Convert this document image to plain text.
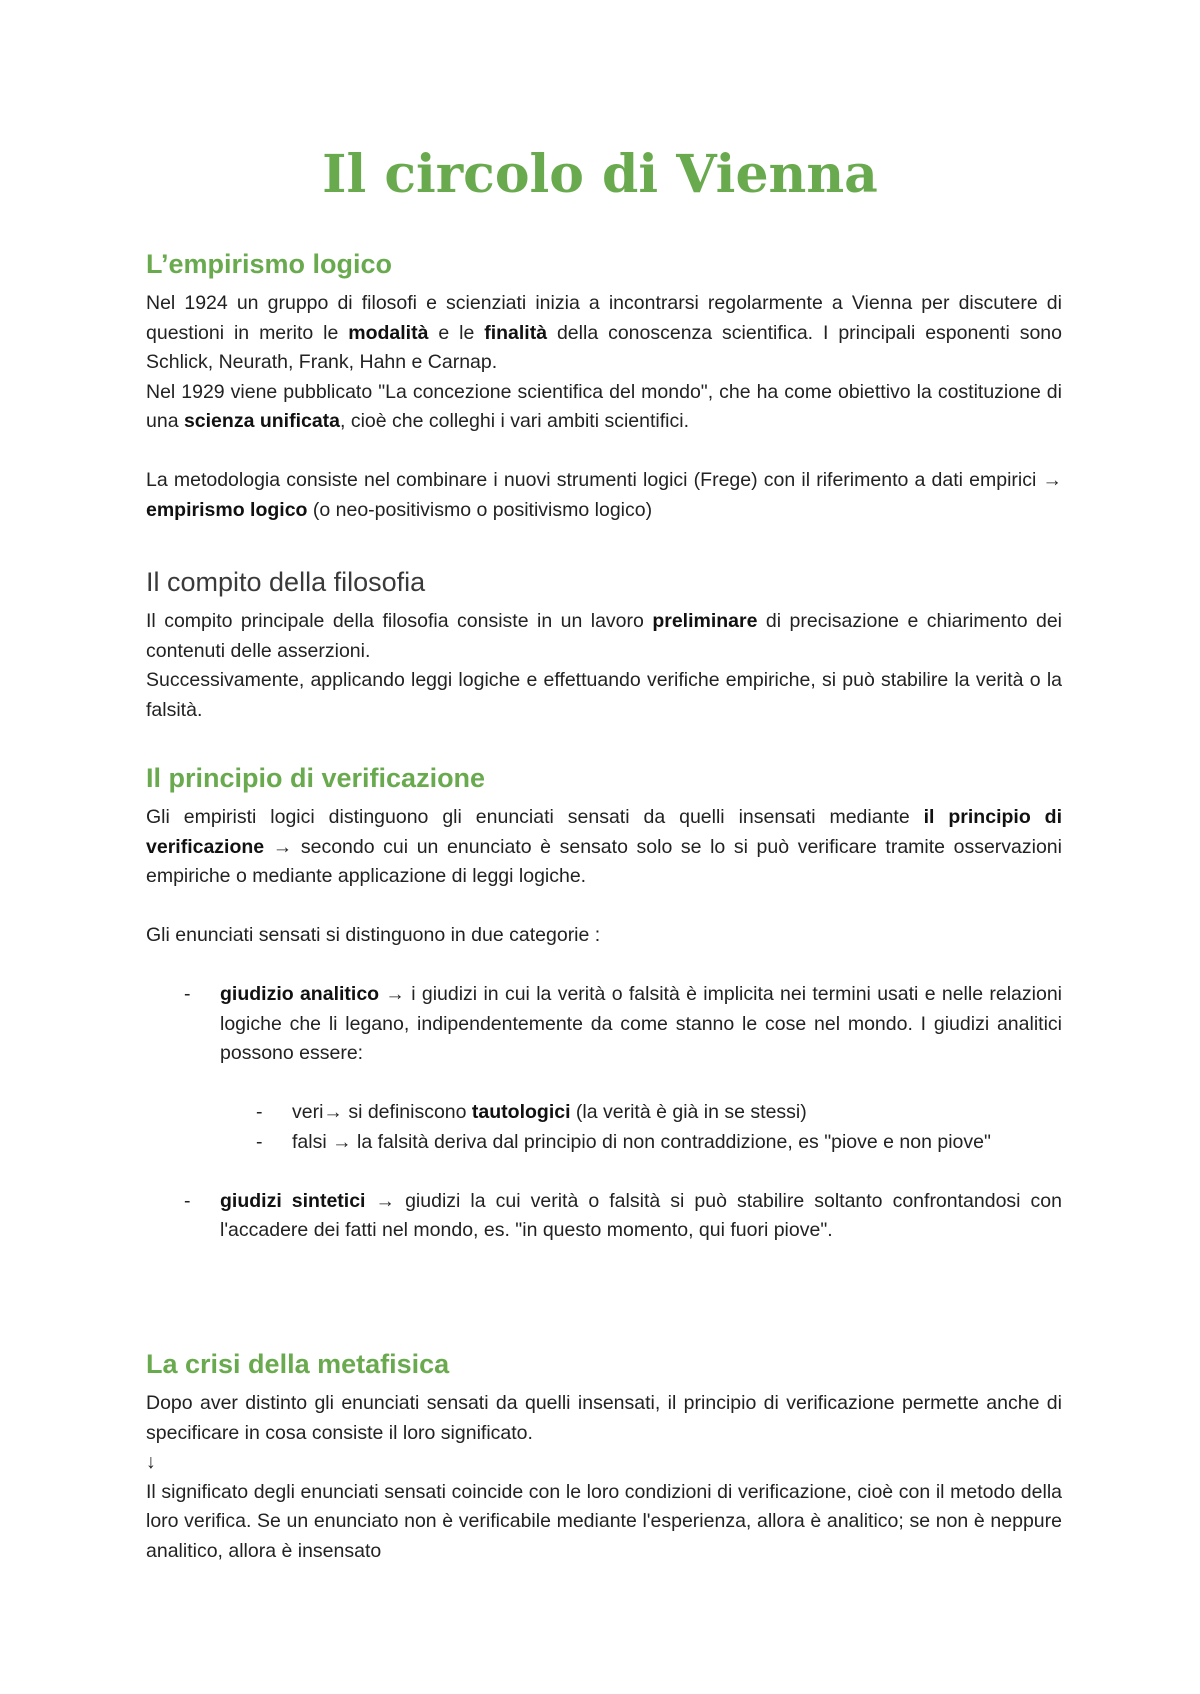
Il circolo di Vienna
L’empirismo logico

Nel 1924 un gruppo di filosofi e scienziati inizia a incontrarsi regolarmente a Vienna per discutere di questioni in merito le modalità e le finalità della conoscenza scientifica. I principali esponenti sono Schlick, Neurath, Frank, Hahn e Carnap.

Nel 1929 viene pubblicato "La concezione scientifica del mondo", che ha come obiettivo la costituzione di una scienza unificata, cioè che colleghi i vari ambiti scientifici.

La metodologia consiste nel combinare i nuovi strumenti logici (Frege) con il riferimento a dati empirici → empirismo logico (o neo-positivismo o positivismo logico)

Il compito della filosofia

Il compito principale della filosofia consiste in un lavoro preliminare di precisazione e chiarimento dei contenuti delle asserzioni.

Successivamente, applicando leggi logiche e effettuando verifiche empiriche, si può stabilire la verità o la falsità.

Il principio di verificazione

Gli empiristi logici distinguono gli enunciati sensati da quelli insensati mediante il principio di verificazione → secondo cui un enunciato è sensato solo se lo si può verificare tramite osservazioni empiriche o mediante applicazione di leggi logiche.

Gli enunciati sensati si distinguono in due categorie :

- giudizio analitico → i giudizi in cui la verità o falsità è implicita nei termini usati e nelle relazioni logiche che li legano, indipendentemente da come stanno le cose nel mondo. I giudizi analitici possono essere:
- veri→ si definiscono tautologici (la verità è già in se stessi)
- falsi → la falsità deriva dal principio di non contraddizione, es "piove e non piove"
- giudizi sintetici → giudizi la cui verità o falsità si può stabilire soltanto confrontandosi con l'accadere dei fatti nel mondo, es. "in questo momento, qui fuori piove".
La crisi della metafisica

Dopo aver distinto gli enunciati sensati da quelli insensati, il principio di verificazione permette anche di specificare in cosa consiste il loro significato.

↓

Il significato degli enunciati sensati coincide con le loro condizioni di verificazione, cioè con il metodo della loro verifica. Se un enunciato non è verificabile mediante l'esperienza, allora è analitico; se non è neppure analitico, allora è insensato
